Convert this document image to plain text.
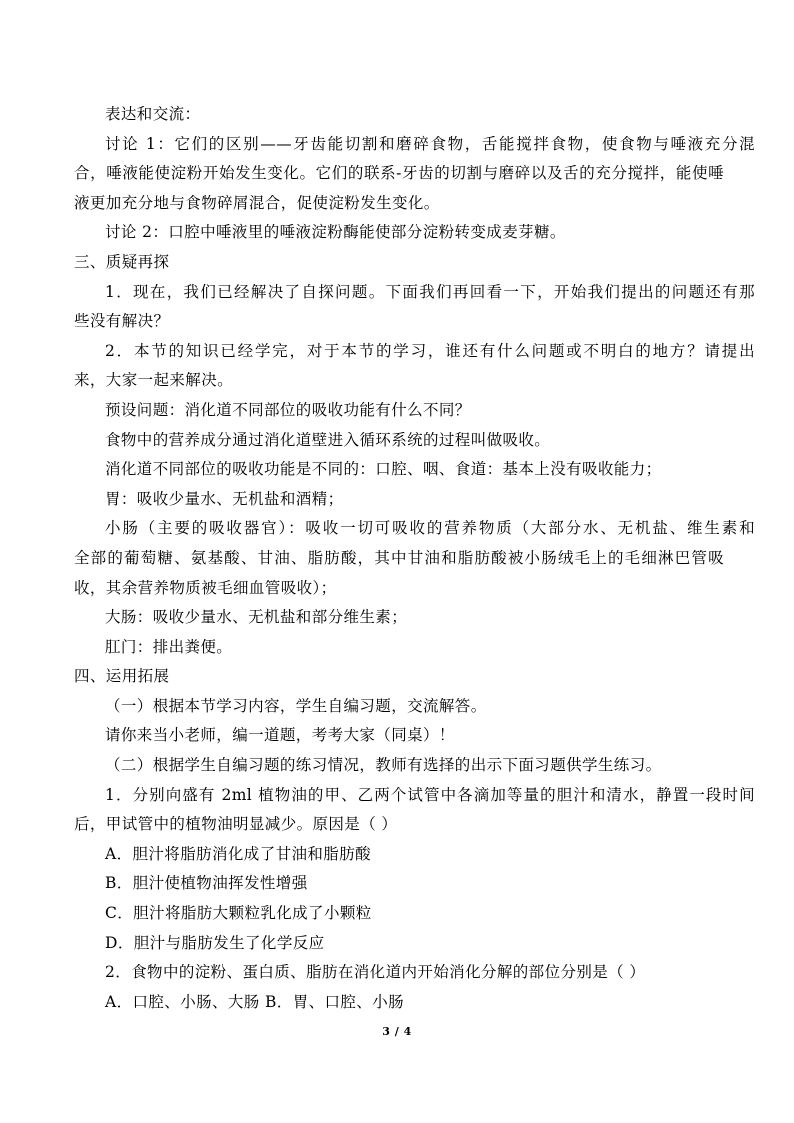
表达和交流：
讨论 1：它们的区别——牙齿能切割和磨碎食物，舌能搅拌食物，使食物与唾液充分混
合，唾液能使淀粉开始发生变化。它们的联系-牙齿的切割与磨碎以及舌的充分搅拌，能使唾
液更加充分地与食物碎屑混合，促使淀粉发生变化。
讨论 2：口腔中唾液里的唾液淀粉酶能使部分淀粉转变成麦芽糖。
三、质疑再探
1．现在，我们已经解决了自探问题。下面我们再回看一下，开始我们提出的问题还有那
些没有解决？
2．本节的知识已经学完，对于本节的学习，谁还有什么问题或不明白的地方？请提出
来，大家一起来解决。
预设问题：消化道不同部位的吸收功能有什么不同？
食物中的营养成分通过消化道壁进入循环系统的过程叫做吸收。
消化道不同部位的吸收功能是不同的：口腔、咽、食道：基本上没有吸收能力；
胃：吸收少量水、无机盐和酒精；
小肠（主要的吸收器官）：吸收一切可吸收的营养物质（大部分水、无机盐、维生素和
全部的葡萄糖、氨基酸、甘油、脂肪酸，其中甘油和脂肪酸被小肠绒毛上的毛细淋巴管吸
收，其余营养物质被毛细血管吸收）；
大肠：吸收少量水、无机盐和部分维生素；
肛门：排出粪便。
四、运用拓展
（一）根据本节学习内容，学生自编习题，交流解答。
请你来当小老师，编一道题，考考大家（同桌）！
（二）根据学生自编习题的练习情况，教师有选择的出示下面习题供学生练习。
1．分别向盛有 2ml 植物油的甲、乙两个试管中各滴加等量的胆汁和清水，静置一段时间
后，甲试管中的植物油明显减少。原因是（ ）
A．胆汁将脂肪消化成了甘油和脂肪酸
B．胆汁使植物油挥发性增强
C．胆汁将脂肪大颗粒乳化成了小颗粒
D．胆汁与脂肪发生了化学反应
2．食物中的淀粉、蛋白质、脂肪在消化道内开始消化分解的部位分别是（ ）
A．口腔、小肠、大肠 B．胃、口腔、小肠
3 / 4
